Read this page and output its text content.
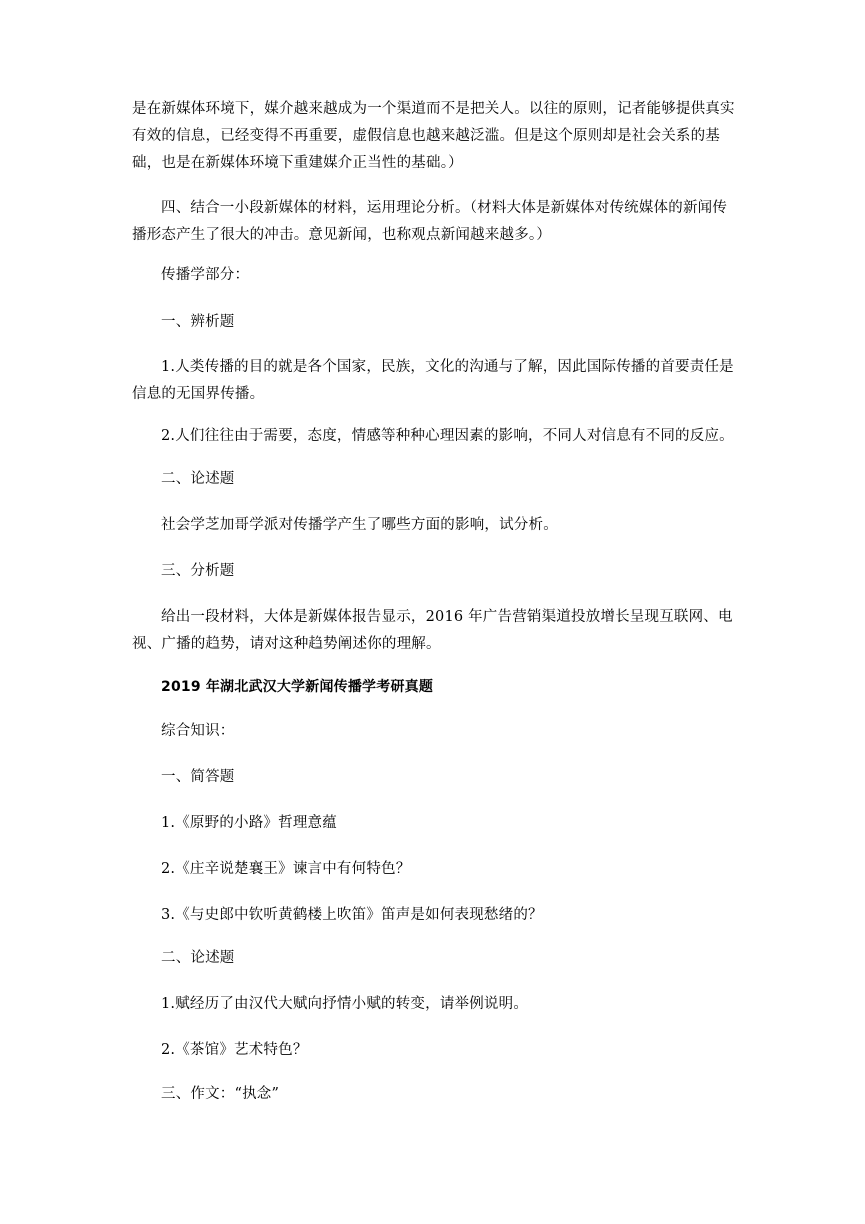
是在新媒体环境下，媒介越来越成为一个渠道而不是把关人。以往的原则，记者能够提供真实有效的信息，已经变得不再重要，虚假信息也越来越泛滥。但是这个原则却是社会关系的基础，也是在新媒体环境下重建媒介正当性的基础。）

四、结合一小段新媒体的材料，运用理论分析。（材料大体是新媒体对传统媒体的新闻传播形态产生了很大的冲击。意见新闻，也称观点新闻越来越多。）

传播学部分：

一、辨析题

1.人类传播的目的就是各个国家，民族，文化的沟通与了解，因此国际传播的首要责任是信息的无国界传播。

2.人们往往由于需要，态度，情感等种种心理因素的影响，不同人对信息有不同的反应。

二、论述题

社会学芝加哥学派对传播学产生了哪些方面的影响，试分析。

三、分析题

给出一段材料，大体是新媒体报告显示，2016 年广告营销渠道投放增长呈现互联网、电视、广播的趋势，请对这种趋势阐述你的理解。

2019 年湖北武汉大学新闻传播学考研真题

综合知识：

一、简答题

1.《原野的小路》哲理意蕴

2.《庄辛说楚襄王》谏言中有何特色？

3.《与史郎中钦听黄鹤楼上吹笛》笛声是如何表现愁绪的？

二、论述题

1.赋经历了由汉代大赋向抒情小赋的转变，请举例说明。

2.《茶馆》艺术特色？

三、作文：“执念”
